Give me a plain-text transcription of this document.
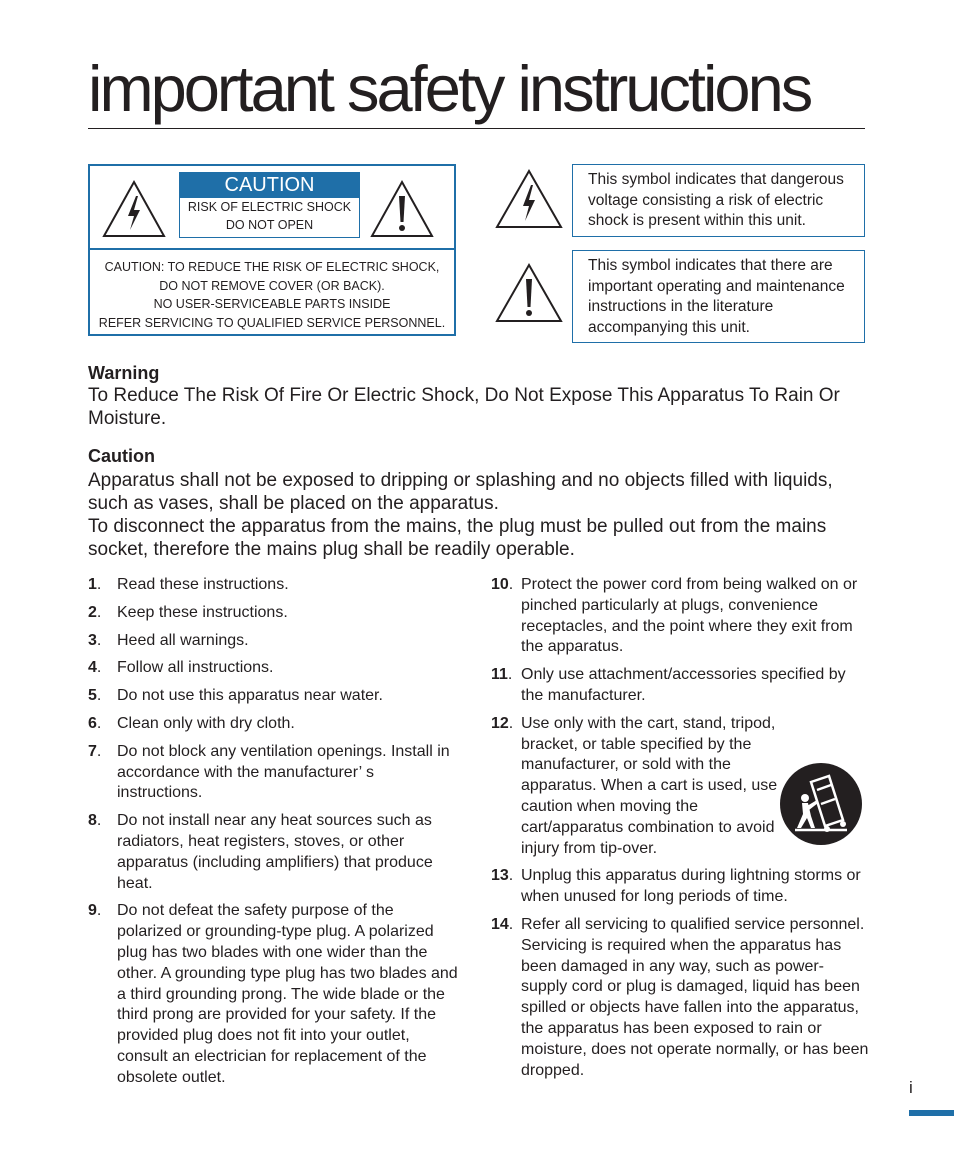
important safety instructions
CAUTION
RISK OF ELECTRIC SHOCK
DO NOT OPEN
CAUTION: TO REDUCE THE RISK OF ELECTRIC SHOCK,
DO NOT REMOVE COVER (OR BACK).
NO USER-SERVICEABLE PARTS INSIDE
REFER SERVICING TO QUALIFIED SERVICE PERSONNEL.
This symbol indicates that dangerous voltage consisting a risk of electric shock is present within this unit.
This symbol indicates that there are important operating and maintenance instructions in the literature accompanying this unit.
Warning
To Reduce The Risk Of Fire Or Electric Shock, Do Not Expose This Apparatus To Rain Or Moisture.
Caution
Apparatus shall not be exposed to dripping or splashing and no objects filled with liquids, such as vases, shall be placed on the apparatus.
To disconnect the apparatus from the mains, the plug must be pulled out from the mains socket, therefore the mains plug shall be readily operable.
1. Read these instructions.
2. Keep these instructions.
3. Heed all warnings.
4. Follow all instructions.
5. Do not use this apparatus near water.
6. Clean only with dry cloth.
7. Do not block any ventilation openings. Install in accordance with the manufacturer’ s instructions.
8. Do not install near any heat sources such as radiators, heat registers, stoves, or other apparatus (including amplifiers) that produce heat.
9. Do not defeat the safety purpose of the polarized or grounding-type plug. A polarized plug has two blades with one wider than the other. A grounding type plug has two blades and a third grounding prong. The wide blade or the third prong are provided for your safety. If the provided plug does not fit into your outlet, consult an electrician for replacement of the obsolete outlet.
10. Protect the power cord from being walked on or pinched particularly at plugs, convenience receptacles, and the point where they exit from the apparatus.
11. Only use attachment/accessories specified by the manufacturer.
12. Use only with the cart, stand, tripod, bracket, or table specified by the manufacturer, or sold with the apparatus. When a cart is used, use caution when moving the cart/apparatus combination to avoid injury from tip-over.
13. Unplug this apparatus during lightning storms or when unused for long periods of time.
14. Refer all servicing to qualified service personnel. Servicing is required when the apparatus has been damaged in any way, such as power-supply cord or plug is damaged, liquid has been spilled or objects have fallen into the apparatus, the apparatus has been exposed to rain or moisture, does not operate normally, or has been dropped.
i
